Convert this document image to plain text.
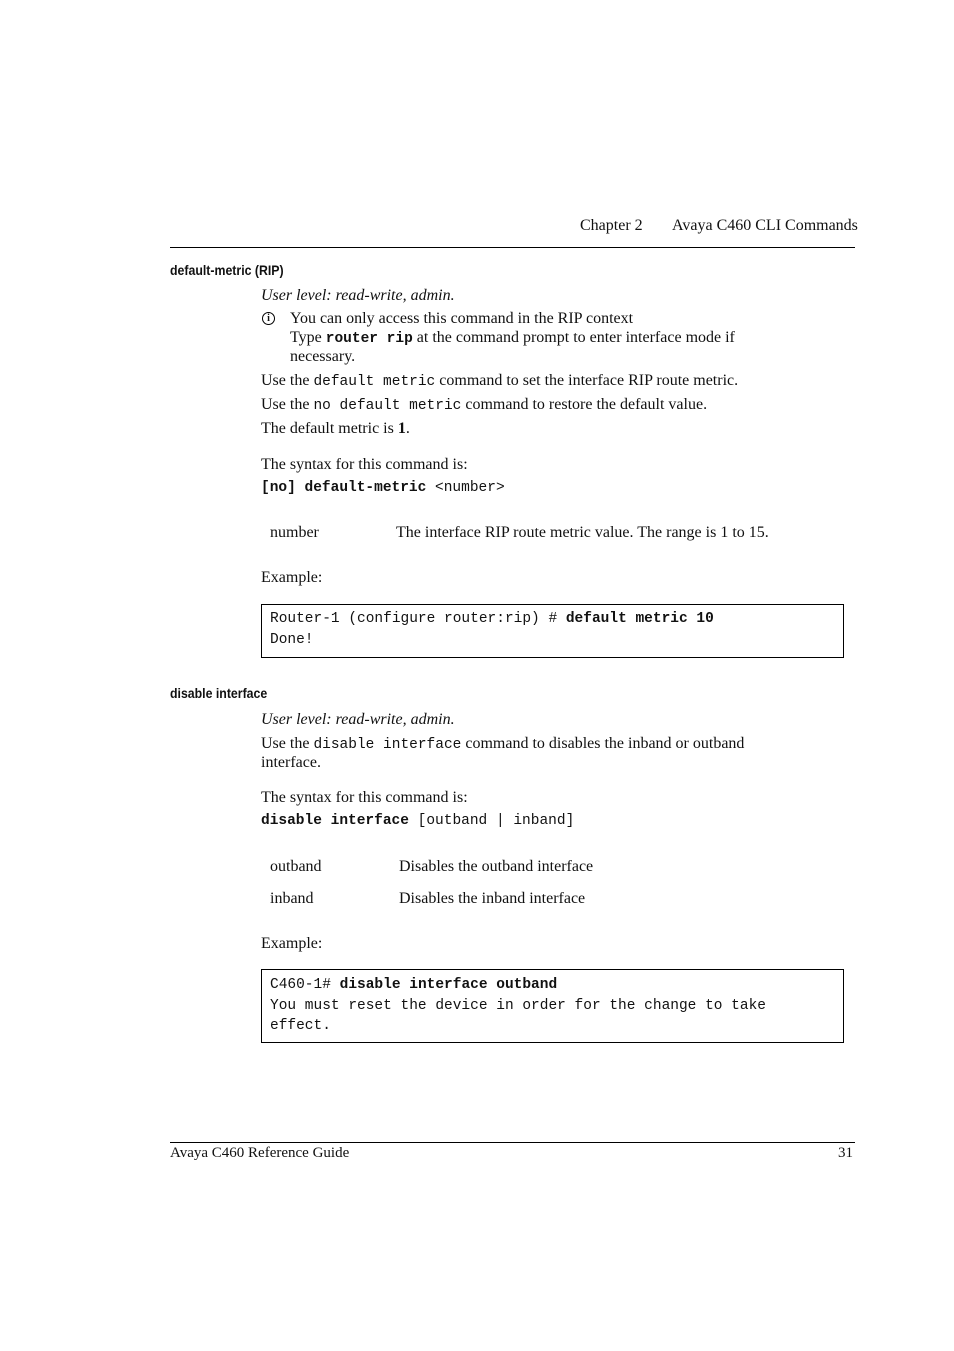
Chapter 2 Avaya C460 CLI Commands
default-metric (RIP)
User level: read-write, admin.
i	You can only access this command in the RIP context
Type router rip at the command prompt to enter interface mode if
necessary.
Use the default metric command to set the interface RIP route metric.
Use the no default metric command to restore the default value.
The default metric is 1.
The syntax for this command is:
[no] default-metric <number>
number	The interface RIP route metric value. The range is 1 to 15.
Example:
Router-1 (configure router:rip) # default metric 10
Done!
disable interface
User level: read-write, admin.
Use the disable interface command to disables the inband or outband
interface.
The syntax for this command is:
disable interface [outband | inband]
outband	Disables the outband interface
inband	Disables the inband interface
Example:
C460-1# disable interface outband
You must reset the device in order for the change to take
effect.
Avaya C460 Reference Guide	31
